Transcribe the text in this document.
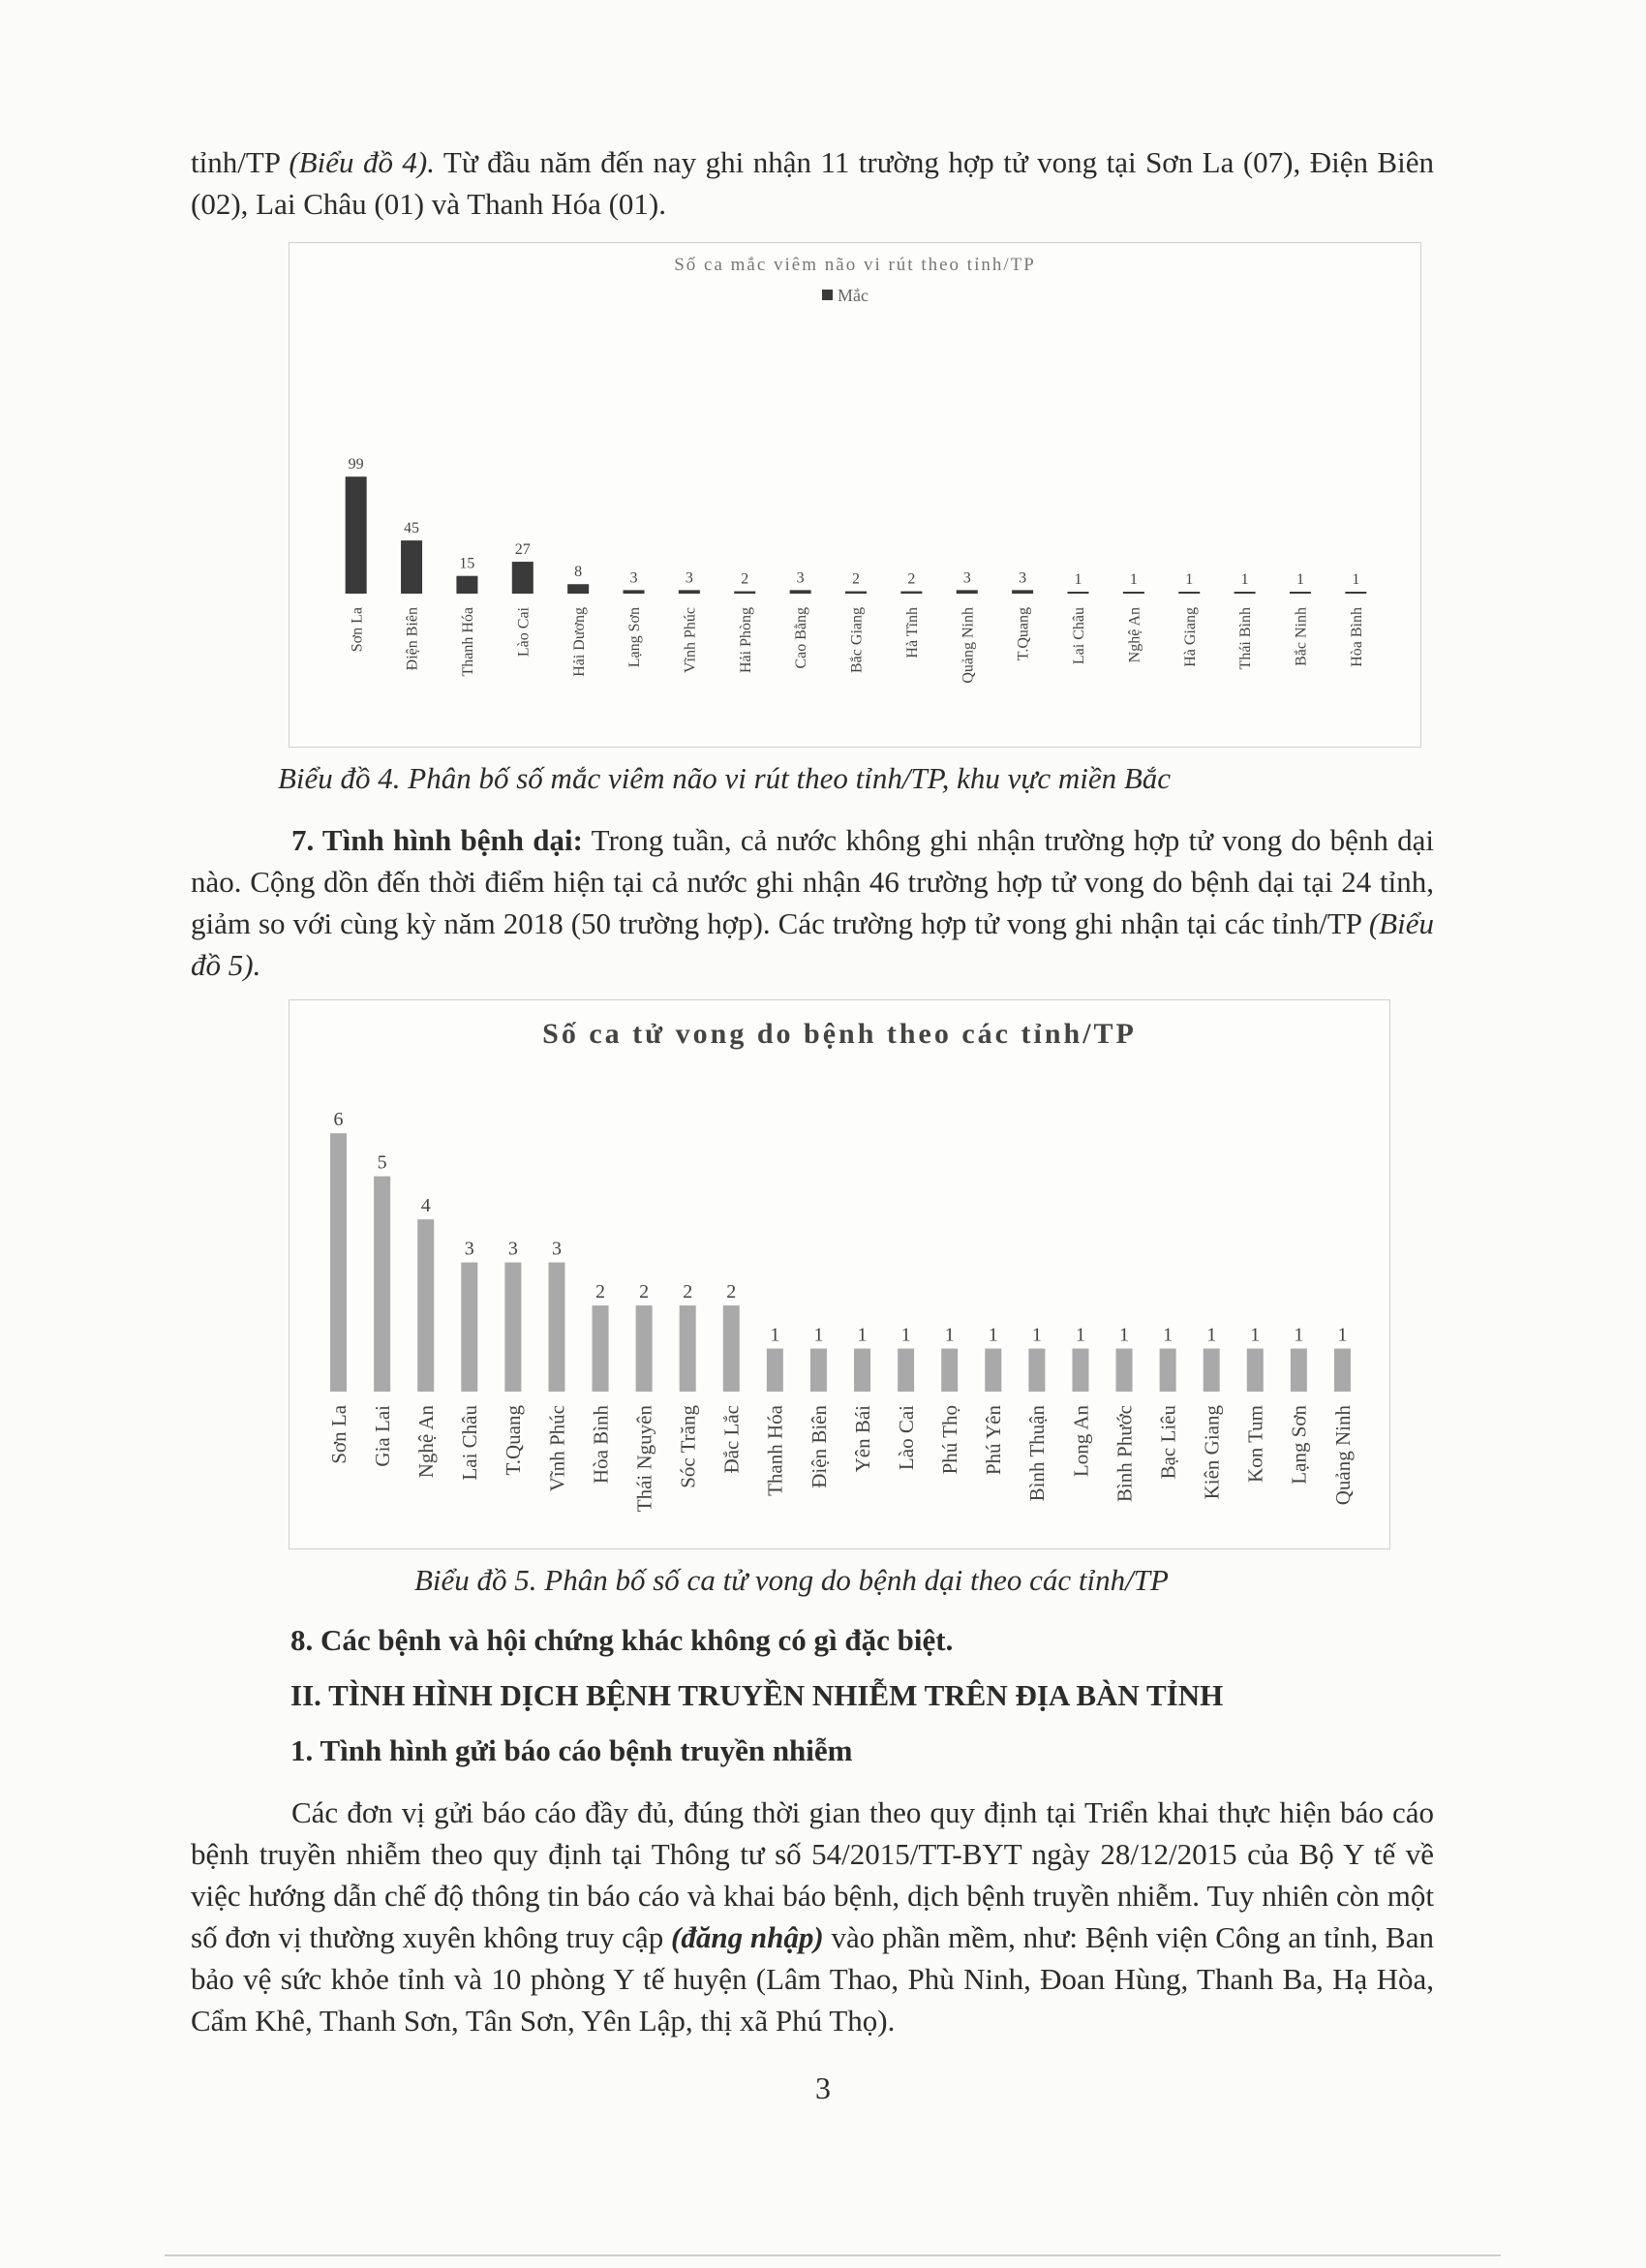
tỉnh/TP (Biểu đồ 4). Từ đầu năm đến nay ghi nhận 11 trường hợp tử vong tại Sơn La (07), Điện Biên (02), Lai Châu (01) và Thanh Hóa (01).

Số ca mắc viêm não vi rút theo tỉnh/TP
Mắc
99
Sơn La
45
Điện Biên
15
Thanh Hóa
27
Lào Cai
8
Hải Dương
3
Lạng Sơn
3
Vĩnh Phúc
2
Hải Phòng
3
Cao Bằng
2
Bắc Giang
2
Hà Tĩnh
3
Quảng Ninh
3
T.Quang
1
Lai Châu
1
Nghệ An
1
Hà Giang
1
Thái Bình
1
Bắc Ninh
1
Hòa Bình

Biểu đồ 4. Phân bố số mắc viêm não vi rút theo tỉnh/TP, khu vực miền Bắc

7. Tình hình bệnh dại: Trong tuần, cả nước không ghi nhận trường hợp tử vong do bệnh dại nào. Cộng dồn đến thời điểm hiện tại cả nước ghi nhận 46 trường hợp tử vong do bệnh dại tại 24 tỉnh, giảm so với cùng kỳ năm 2018 (50 trường hợp). Các trường hợp tử vong ghi nhận tại các tỉnh/TP (Biểu đồ 5).

Số ca tử vong do bệnh theo các tỉnh/TP
6
Sơn La
5
Gia Lai
4
Nghệ An
3
Lai Châu
3
T.Quang
3
Vĩnh Phúc
2
Hòa Bình
2
Thái Nguyên
2
Sóc Trăng
2
Đắc Lắc
1
Thanh Hóa
1
Điện Biên
1
Yên Bái
1
Lào Cai
1
Phú Thọ
1
Phú Yên
1
Bình Thuận
1
Long An
1
Bình Phước
1
Bạc Liêu
1
Kiên Giang
1
Kon Tum
1
Lạng Sơn
1
Quảng Ninh

Biểu đồ 5. Phân bố số ca tử vong do bệnh dại theo các tỉnh/TP

8. Các bệnh và hội chứng khác không có gì đặc biệt.

II. TÌNH HÌNH DỊCH BỆNH TRUYỀN NHIỄM TRÊN ĐỊA BÀN TỈNH

1. Tình hình gửi báo cáo bệnh truyền nhiễm

Các đơn vị gửi báo cáo đầy đủ, đúng thời gian theo quy định tại Triển khai thực hiện báo cáo bệnh truyền nhiễm theo quy định tại Thông tư số 54/2015/TT-BYT ngày 28/12/2015 của Bộ Y tế về việc hướng dẫn chế độ thông tin báo cáo và khai báo bệnh, dịch bệnh truyền nhiễm. Tuy nhiên còn một số đơn vị thường xuyên không truy cập (đăng nhập) vào phần mềm, như: Bệnh viện Công an tỉnh, Ban bảo vệ sức khỏe tỉnh và 10 phòng Y tế huyện (Lâm Thao, Phù Ninh, Đoan Hùng, Thanh Ba, Hạ Hòa, Cẩm Khê, Thanh Sơn, Tân Sơn, Yên Lập, thị xã Phú Thọ).

3
